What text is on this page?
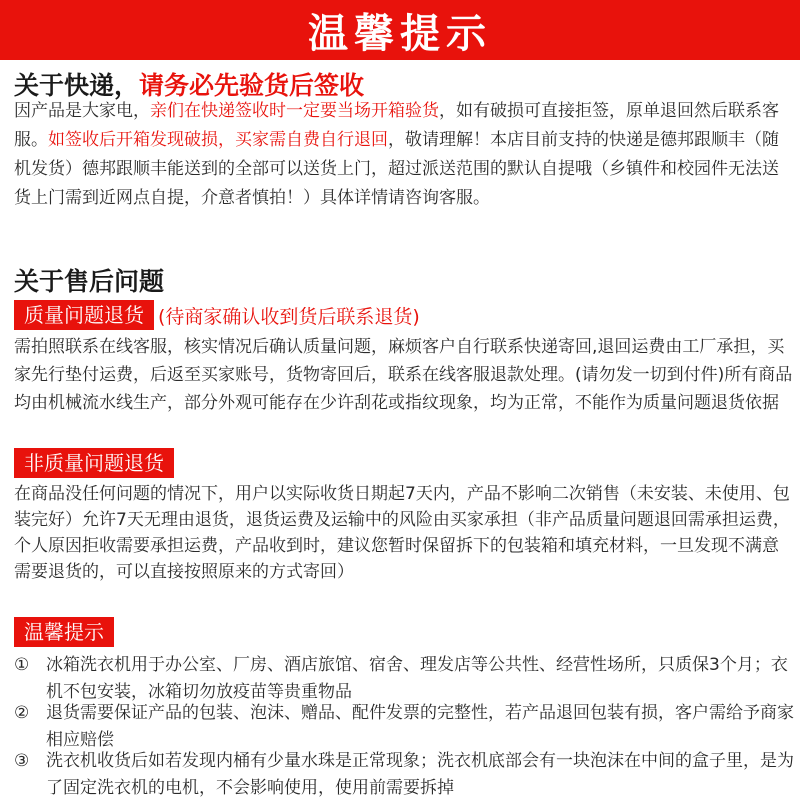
温馨提示
关于快递，请务必先验货后签收
因产品是大家电，亲们在快递签收时一定要当场开箱验货，如有破损可直接拒签，原单退回然后联系客服。如签收后开箱发现破损，买家需自费自行退回，敬请理解！本店目前支持的快递是德邦跟顺丰（随机发货）德邦跟顺丰能送到的全部可以送货上门，超过派送范围的默认自提哦（乡镇件和校园件无法送货上门需到近网点自提，介意者慎拍！）具体详情请咨询客服。
关于售后问题
质量问题退货 (待商家确认收到货后联系退货)
需拍照联系在线客服，核实情况后确认质量问题，麻烦客户自行联系快递寄回,退回运费由工厂承担，买家先行垫付运费，后返至买家账号，货物寄回后，联系在线客服退款处理。(请勿发一切到付件)所有商品均由机械流水线生产，部分外观可能存在少许刮花或指纹现象，均为正常，不能作为质量问题退货依据
非质量问题退货
在商品没任何问题的情况下，用户以实际收货日期起7天内，产品不影响二次销售（未安装、未使用、包装完好）允许7天无理由退货，退货运费及运输中的风险由买家承担（非产品质量问题退回需承担运费，个人原因拒收需要承担运费，产品收到时，建议您暂时保留拆下的包装箱和填充材料，一旦发现不满意需要退货的，可以直接按照原来的方式寄回）
温馨提示
① 冰箱洗衣机用于办公室、厂房、酒店旅馆、宿舍、理发店等公共性、经营性场所，只质保3个月；衣机不包安装，冰箱切勿放疫苗等贵重物品
② 退货需要保证产品的包装、泡沫、赠品、配件发票的完整性，若产品退回包装有损，客户需给予商家相应赔偿
③ 洗衣机收货后如若发现内桶有少量水珠是正常现象；洗衣机底部会有一块泡沫在中间的盒子里，是为了固定洗衣机的电机，不会影响使用，使用前需要拆掉
